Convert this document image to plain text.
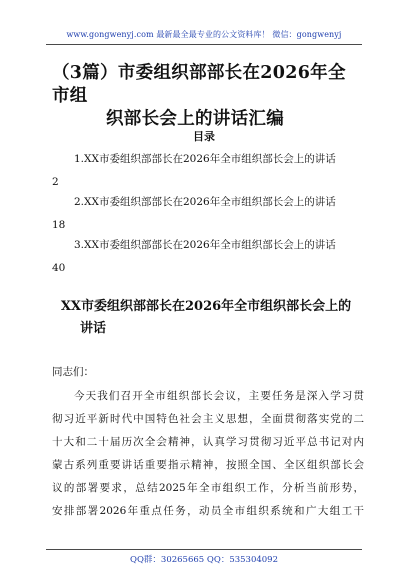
www.gongwenyj.com 最新最全最专业的公文资料库！ 微信：gongwenyj
（3篇）市委组织部部长在2026年全市组
织部长会上的讲话汇编
目录
1.XX市委组织部部长在2026年全市组织部长会上的讲话
2
2.XX市委组织部部长在2026年全市组织部长会上的讲话
18
3.XX市委组织部部长在2026年全市组织部长会上的讲话
40
XX市委组织部部长在2026年全市组织部长会上的
讲话
同志们：
今天我们召开全市组织部长会议，主要任务是深入学习贯
彻习近平新时代中国特色社会主义思想，全面贯彻落实党的二
十大和二十届历次全会精神，认真学习贯彻习近平总书记对内
蒙古系列重要讲话重要指示精神，按照全国、全区组织部长会
议的部署要求，总结2025年全市组织工作，分析当前形势，
安排部署2026年重点任务，动员全市组织系统和广大组工干
QQ群：30265665 QQ：535304092
